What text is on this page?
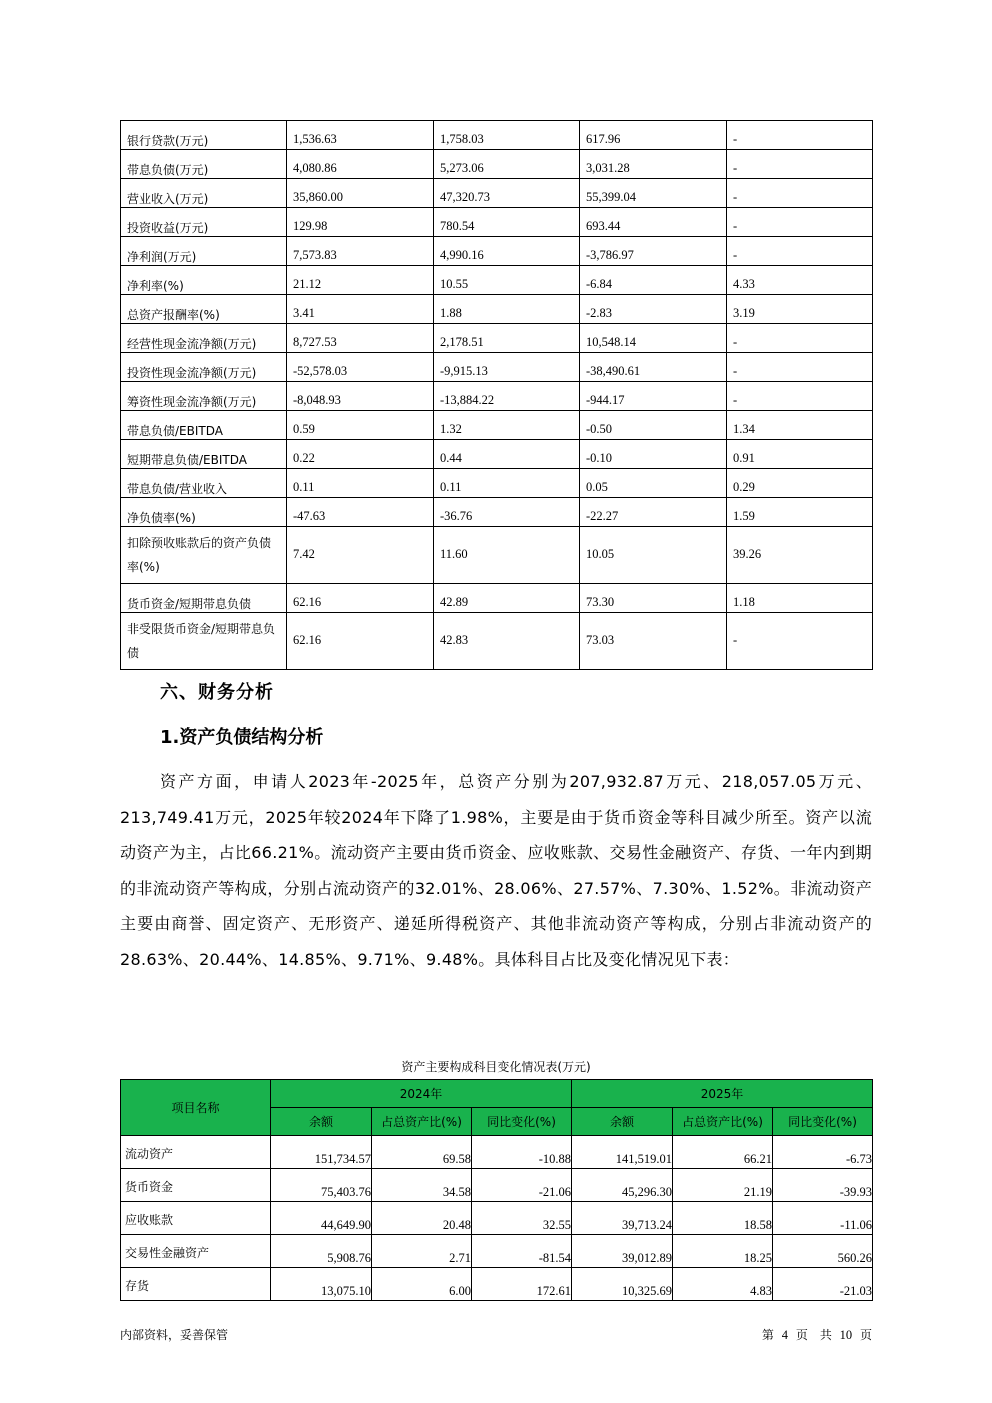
银行贷款(万元)	1,536.63	1,758.03	617.96	-
带息负债(万元)	4,080.86	5,273.06	3,031.28	-
营业收入(万元)	35,860.00	47,320.73	55,399.04	-
投资收益(万元)	129.98	780.54	693.44	-
净利润(万元)	7,573.83	4,990.16	-3,786.97	-
净利率(%)	21.12	10.55	-6.84	4.33
总资产报酬率(%)	3.41	1.88	-2.83	3.19
经营性现金流净额(万元)	8,727.53	2,178.51	10,548.14	-
投资性现金流净额(万元)	-52,578.03	-9,915.13	-38,490.61	-
筹资性现金流净额(万元)	-8,048.93	-13,884.22	-944.17	-
带息负债/EBITDA	0.59	1.32	-0.50	1.34
短期带息负债/EBITDA	0.22	0.44	-0.10	0.91
带息负债/营业收入	0.11	0.11	0.05	0.29
净负债率(%)	-47.63	-36.76	-22.27	1.59
扣除预收账款后的资产负债率(%)	7.42	11.60	10.05	39.26
货币资金/短期带息负债	62.16	42.89	73.30	1.18
非受限货币资金/短期带息负债	62.16	42.83	73.03	-
六、财务分析
1.资产负债结构分析
资产方面，申请人2023年-2025年，总资产分别为207,932.87万元、218,057.05万元、213,749.41万元，2025年较2024年下降了1.98%，主要是由于货币资金等科目减少所至。资产以流动资产为主，占比66.21%。流动资产主要由货币资金、应收账款、交易性金融资产、存货、一年内到期的非流动资产等构成，分别占流动资产的32.01%、28.06%、27.57%、7.30%、1.52%。非流动资产主要由商誉、固定资产、无形资产、递延所得税资产、其他非流动资产等构成，分别占非流动资产的28.63%、20.44%、14.85%、9.71%、9.48%。具体科目占比及变化情况见下表：
资产主要构成科目变化情况表(万元)
项目名称	2024年			2025年		
	余额	占总资产比(%)	同比变化(%)	余额	占总资产比(%)	同比变化(%)
流动资产	151,734.57	69.58	-10.88	141,519.01	66.21	-6.73
货币资金	75,403.76	34.58	-21.06	45,296.30	21.19	-39.93
应收账款	44,649.90	20.48	32.55	39,713.24	18.58	-11.06
交易性金融资产	5,908.76	2.71	-81.54	39,012.89	18.25	560.26
存货	13,075.10	6.00	172.61	10,325.69	4.83	-21.03
内部资料，妥善保管	第 4 页　共 10 页
